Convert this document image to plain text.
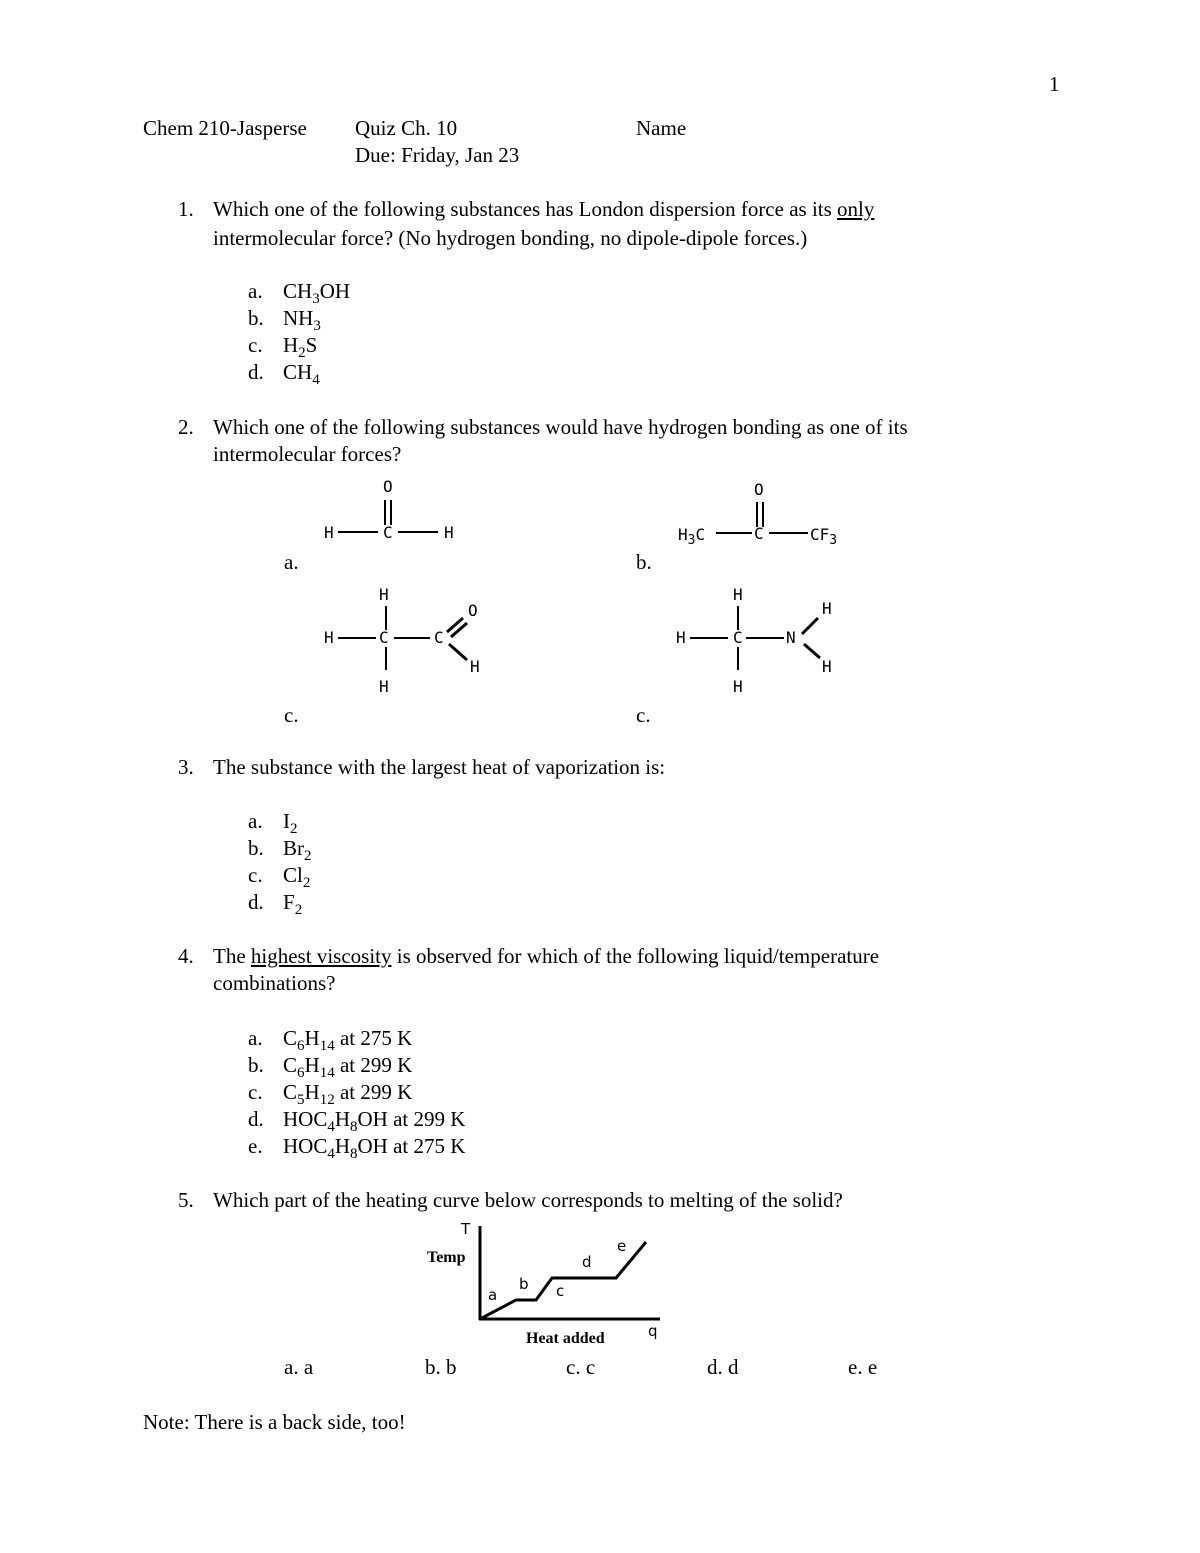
1
Chem 210-Jasperse Quiz Ch. 10	Name
Due: Friday, Jan 23
1. Which one of the following substances has London dispersion force as its only
intermolecular force? (No hydrogen bonding, no dipole-dipole forces.)
a. $CH_3OH$
b. $NH_3$
c. $H_2S$
d. $CH_4$
2. Which one of the following substances would have hydrogen bonding as one of its
intermolecular forces?
O
H	C	H
a.
O
$H_3C$	C	$CF_3$
b.
H
H	C	C
O
H
H
c.
H
H	C	N
H
H
H
c.
3. The substance with the largest heat of vaporization is:
a. $I_2$
b. $Br_2$
c. $Cl_2$
d. $F_2$
4. The highest viscosity is observed for which of the following liquid/temperature
combinations?
a. $C_6H_{14}$ at 275 K
b. $C_6H_{14}$ at 299 K
c. $C_5H_{12}$ at 299 K
d. $HOC_4H_8OH$ at 299 K
e. $HOC_4H_8OH$ at 275 K
5. Which part of the heating curve below corresponds to melting of the solid?
T
Temp
a
b c
d
e
Heat added	q
a. a	b. b	c. c	d. d	e. e
Note: There is a back side, too!
